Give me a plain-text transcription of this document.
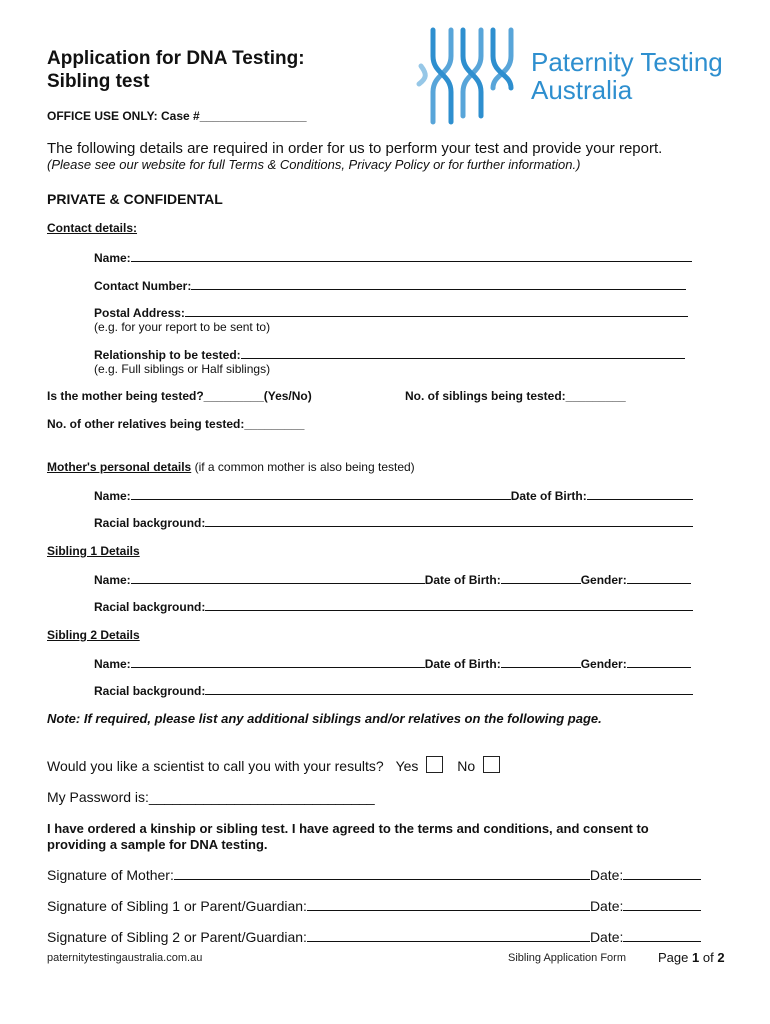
Application for DNA Testing:
Sibling test
Paternity Testing
Australia
OFFICE USE ONLY: Case #________________
The following details are required in order for us to perform your test and provide your report.
(Please see our website for full Terms & Conditions, Privacy Policy or for further information.)
PRIVATE & CONFIDENTAL
Contact details:
Name:
Contact Number:
Postal Address:
(e.g. for your report to be sent to)
Relationship to be tested:
(e.g. Full siblings or Half siblings)
Is the mother being tested?_________(Yes/No)	No. of siblings being tested:_________
No. of other relatives being tested:_________
Mother's personal details (if a common mother is also being tested)
Name:	Date of Birth:
Racial background:
Sibling 1 Details
Name:	Date of Birth:	Gender:
Racial background:
Sibling 2 Details
Name:	Date of Birth:	Gender:
Racial background:
Note: If required, please list any additional siblings and/or relatives on the following page.
Would you like a scientist to call you with your results? Yes	No
My Password is:_____________________________
I have ordered a kinship or sibling test. I have agreed to the terms and conditions, and consent to
providing a sample for DNA testing.
Signature of Mother:	Date:
Signature of Sibling 1 or Parent/Guardian:	Date:
Signature of Sibling 2 or Parent/Guardian:	Date:
paternitytestingaustralia.com.au	Sibling Application Form Page 1 of 2
